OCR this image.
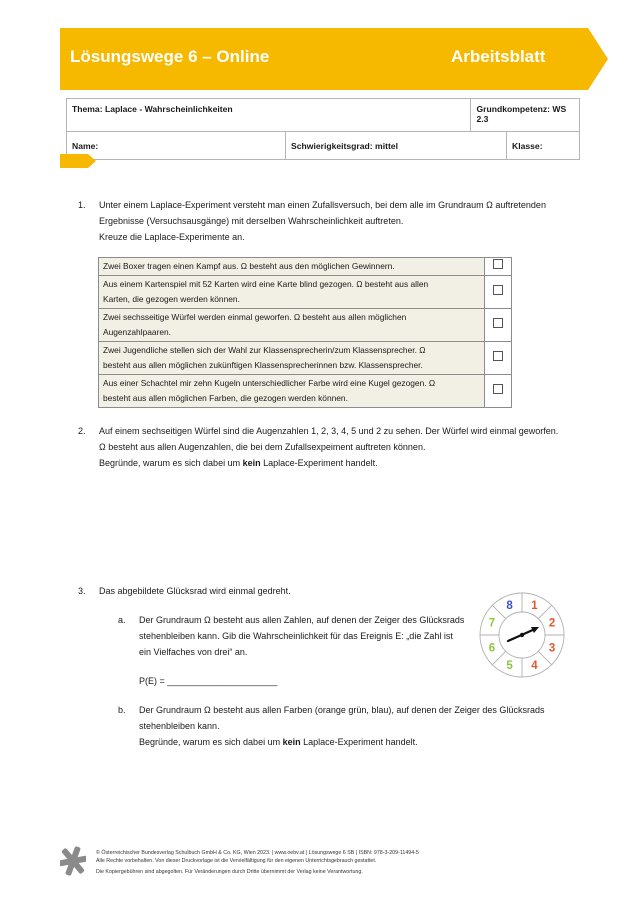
Lösungswege 6 – Online	Arbeitsblatt
Thema: Laplace - Wahrscheinlichkeiten		Grundkompetenz: WS 2.3	
Name:	Schwierigkeitsgrad: mittel		Klasse:
1. Unter einem Laplace-Experiment versteht man einen Zufallsversuch, bei dem alle im Grundraum Ω auftretenden
Ergebnisse (Versuchsausgänge) mit derselben Wahrscheinlichkeit auftreten.
Kreuze die Laplace-Experimente an.
Zwei Boxer tragen einen Kampf aus. Ω besteht aus den möglichen Gewinnern.	
Aus einem Kartenspiel mit 52 Karten wird eine Karte blind gezogen. Ω besteht aus allen
Karten, die gezogen werden können.	
Zwei sechsseitige Würfel werden einmal geworfen. Ω besteht aus allen möglichen
Augenzahlpaaren.	
Zwei Jugendliche stellen sich der Wahl zur Klassensprecherin/zum Klassensprecher. Ω
besteht aus allen möglichen zukünftigen Klassensprecherinnen bzw. Klassensprecher.	
Aus einer Schachtel mir zehn Kugeln unterschiedlicher Farbe wird eine Kugel gezogen. Ω
besteht aus allen möglichen Farben, die gezogen werden können.	
2. Auf einem sechseitigen Würfel sind die Augenzahlen 1, 2, 3, 4, 5 und 2 zu sehen. Der Würfel wird einmal geworfen.
Ω besteht aus allen Augenzahlen, die bei dem Zufallsexpeiment auftreten können.
Begründe, warum es sich dabei um kein Laplace-Experiment handelt.
3. Das abgebildete Glücksrad wird einmal gedreht.
a. Der Grundraum Ω besteht aus allen Zahlen, auf denen der Zeiger des Glücksrads
stehenbleiben kann. Gib die Wahrscheinlichkeit für das Ereignis E: „die Zahl ist
ein Vielfaches von drei“ an.
P(E) = ______________________
b. Der Grundraum Ω besteht aus allen Farben (orange grün, blau), auf denen der Zeiger des Glücksrads
stehenbleiben kann.
Begründe, warum es sich dabei um kein Laplace-Experiment handelt.
1
2
3
4
5
6
7
8
© Österreichischer Bundesverlag Schulbuch GmbH & Co. KG, Wien 2023. | www.oebv.at | Lösungswege 6 SB | ISBN: 978-3-209-11494-5
Alle Rechte vorbehalten. Von dieser Druckvorlage ist die Vervielfältigung für den eigenen Unterrichtsgebrauch gestattet.
Die Kopiergebühren sind abgegolten. Für Veränderungen durch Dritte übernimmt der Verlag keine Verantwortung.
